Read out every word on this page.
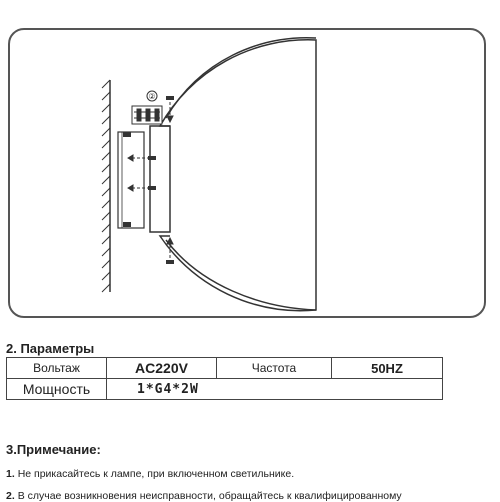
②
2. Параметры
Вольтаж	AC220V	Частота	50HZ
Мощность	1*G4*2W		
3.Примечание:
1. Не прикасайтесь к лампе, при включенном светильнике.
2. В случае возникновения неисправности, обращайтесь к квалифицированному
